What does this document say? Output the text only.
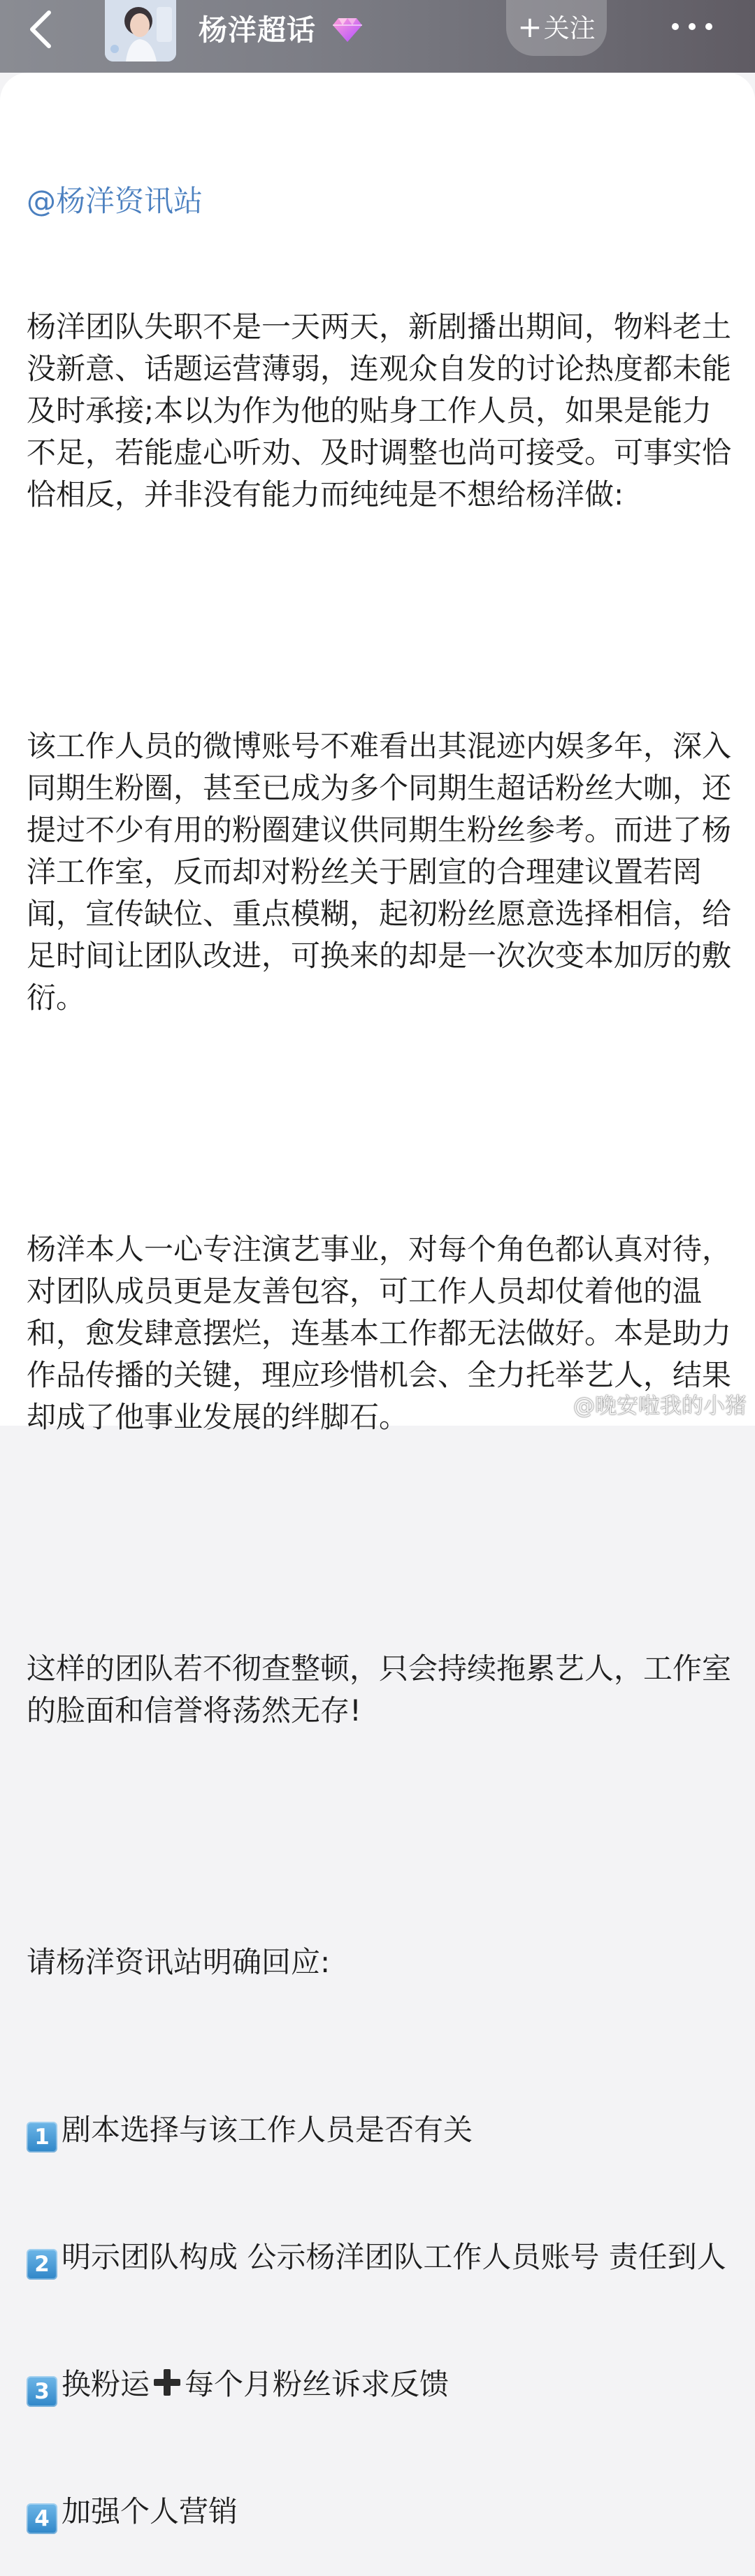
杨洋超话	+关注

@杨洋资讯站

杨洋团队失职不是一天两天，新剧播出期间，物料老土没新意、话题运营薄弱，连观众自发的讨论热度都未能及时承接;本以为作为他的贴身工作人员，如果是能力不足，若能虚心听劝、及时调整也尚可接受。可事实恰恰相反，并非没有能力而纯纯是不想给杨洋做:

该工作人员的微博账号不难看出其混迹内娱多年，深入同期生粉圈，甚至已成为多个同期生超话粉丝大咖，还提过不少有用的粉圈建议供同期生粉丝参考。而进了杨洋工作室，反而却对粉丝关于剧宣的合理建议置若罔闻，宣传缺位、重点模糊，起初粉丝愿意选择相信，给足时间让团队改进，可换来的却是一次次变本加厉的敷衍。

杨洋本人一心专注演艺事业，对每个角色都认真对待，对团队成员更是友善包容，可工作人员却仗着他的温和，愈发肆意摆烂，连基本工作都无法做好。本是助力作品传播的关键，理应珍惜机会、全力托举艺人，结果却成了他事业发展的绊脚石。

这样的团队若不彻查整顿，只会持续拖累艺人，工作室的脸面和信誉将荡然无存!

请杨洋资讯站明确回应:

1 剧本选择与该工作人员是否有关

2 明示团队构成 公示杨洋团队工作人员账号 责任到人

3 换粉运 每个月粉丝诉求反馈

4 加强个人营销

@晚安啦我的小猪
